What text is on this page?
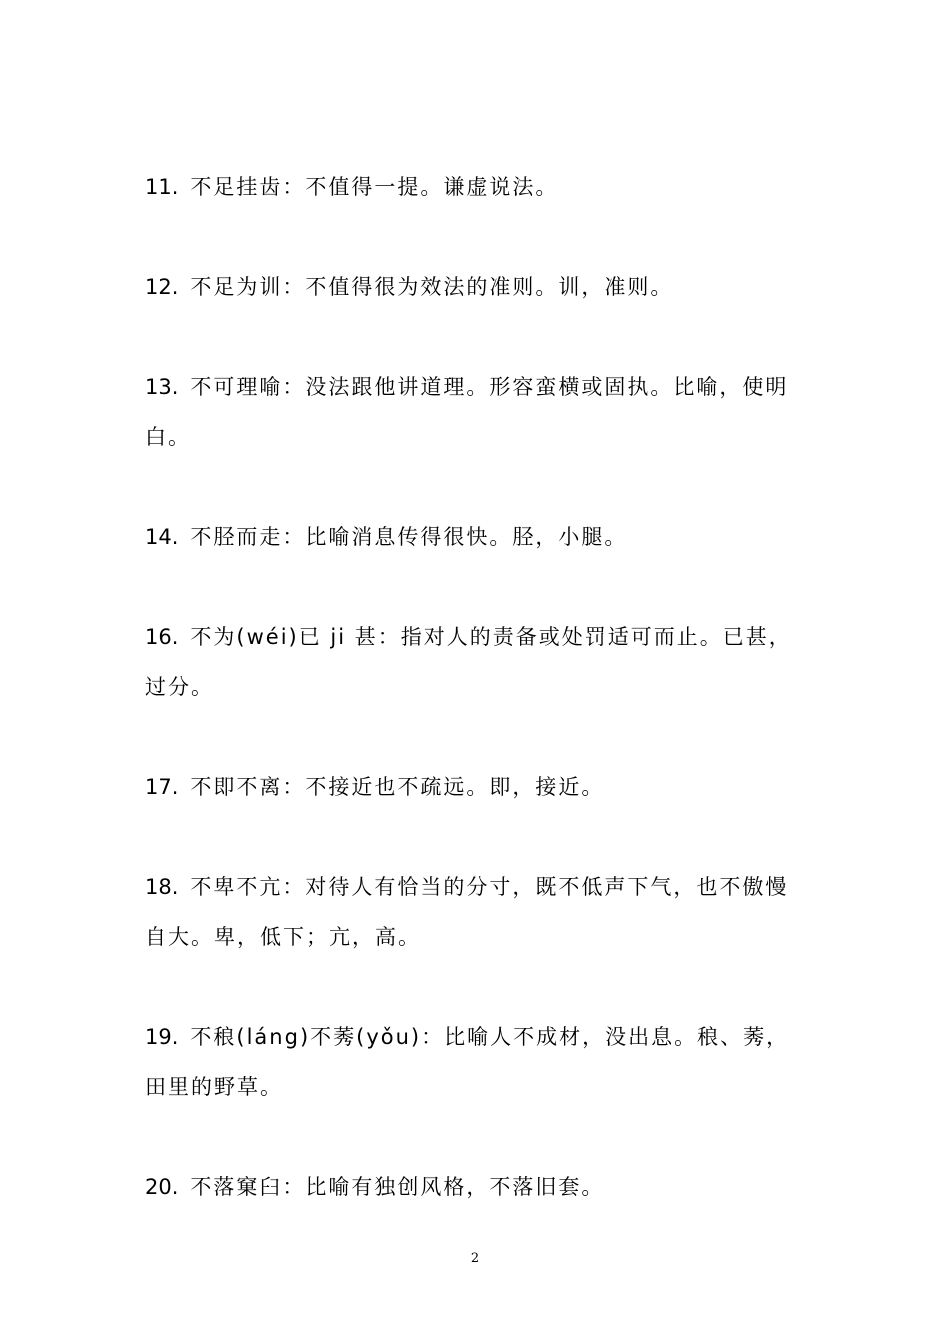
11. 不足挂齿：不值得一提。谦虚说法。

12. 不足为训：不值得很为效法的准则。训，准则。

13. 不可理喻：没法跟他讲道理。形容蛮横或固执。比喻，使明白。

14. 不胫而走：比喻消息传得很快。胫，小腿。

16. 不为(wéi)已 ji 甚：指对人的责备或处罚适可而止。已甚，过分。

17. 不即不离：不接近也不疏远。即，接近。

18. 不卑不亢：对待人有恰当的分寸，既不低声下气，也不傲慢自大。卑，低下；亢，高。

19. 不稂(láng)不莠(yǒu)：比喻人不成材，没出息。稂、莠，田里的野草。

20. 不落窠臼：比喻有独创风格，不落旧套。

2
